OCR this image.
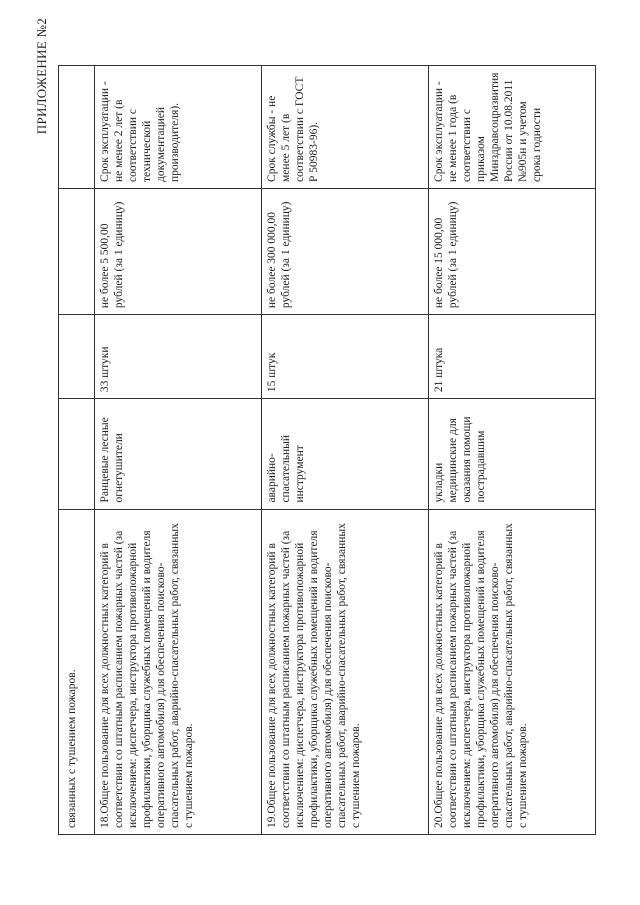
ПРИЛОЖЕНИЕ №2
связанных с тушением пожаров.				
18.Общее пользование для всех должностных категорий в соответствии со штатным расписанием пожарных частей (за исключением: диспетчера, инструктора противопожарной профилактики, уборщика служебных помещений и водителя оперативного автомобиля) для обеспечения поисково-спасательных работ, аварийно-спасательных работ, связанных с тушением пожаров.	Ранцевые лесные огнетушители	33 штуки	не более 5 500,00 рублей (за 1 единицу)	Срок эксплуатации - не менее 2 лет (в соответствии с технической документацией производителя).
19.Общее пользование для всех должностных категорий в соответствии со штатным расписанием пожарных частей (за исключением: диспетчера, инструктора противопожарной профилактики, уборщика служебных помещений и водителя оперативного автомобиля) для обеспечения поисково-спасательных работ, аварийно-спасательных работ, связанных с тушением пожаров.	аварийно-спасательный инструмент	15 штук	не более 300 000,00 рублей (за 1 единицу)	Срок службы - не менее 5 лет (в соответствии с ГОСТ Р 50983-96).
20.Общее пользование для всех должностных категорий в соответствии со штатным расписанием пожарных частей (за исключением: диспетчера, инструктора противопожарной профилактики, уборщика служебных помещений и водителя оперативного автомобиля) для обеспечения поисково-спасательных работ, аварийно-спасательных работ, связанных с тушением пожаров.	укладки медицинские для оказания помощи пострадавшим	21 штука	не более 15 000,00 рублей (за 1 единицу)	Срок эксплуатации - не менее 1 года (в соответствии с приказом Минздравсоцразвития России от 10.08.2011 №905н и учетом срока годности
